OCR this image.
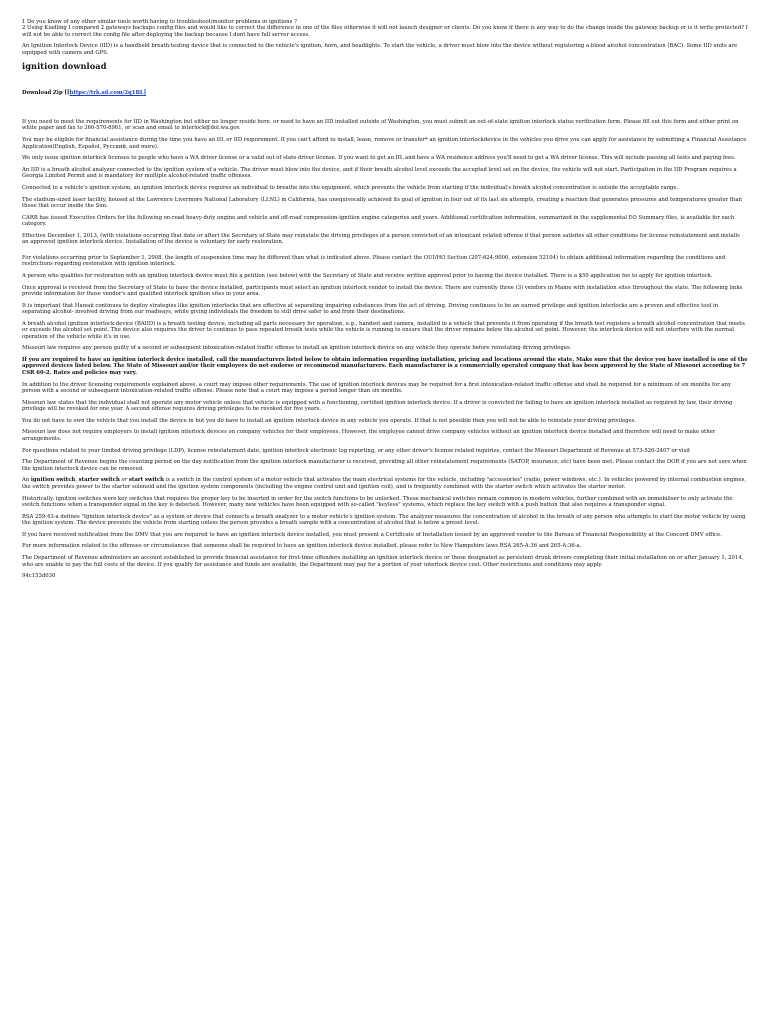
1 Do you know of any other similar tools worth having to troubleshoot/monitor problems in ignitions ?
2 Using Kiadling I compared 2 gateways backups config files and would like to correct the difference in one of the files otherwise it will not launch designer or clients. Do you know if there is any way to do the change inside the gateway backup or is it write protected? I will not be able to correct the config file after deploying the backup because I dont have full server access.

An Ignition Interlock Device (IID) is a handheld breath-testing device that is connected to the vehicle's ignition, horn, and headlights. To start the vehicle, a driver must blow into the device without registering a blood alcohol concentration (BAC). Some IID units are equipped with camera and GPS.

ignition download
Download Zip [[https://trk.sd.com/2q1BL]

If you need to meet the requirements for IID in Washington but either no longer reside here, or need to have an IID installed outside of Washington, you must submit an out-of-state ignition interlock status verification form. Please fill out this form and either print on white paper and fax to 360-570-8961, or scan and email to interlock@dol.wa.gov.

You may be eligible for financial assistance during the time you have an IIL or IID requirement. If you can't afford to install, lease, remove or transfer* an ignition interlockdevice in the vehicles you drive you can apply for assistance by submitting a Financial Assistance Application(English, Español, Русский, and more).

We only issue ignition interlock licenses to people who have a WA driver license or a valid out of state driver license. If you want to get an IIL and have a WA residence address you'll need to get a WA driver license. This will include passing all tests and paying fees.

An IID is a breath alcohol analyzer connected to the ignition system of a vehicle. The driver must blow into the device, and if their breath alcohol level exceeds the accepted level set on the device, the vehicle will not start. Participation in the IID Program requires a Georgia Limited Permit and is mandatory for multiple alcohol-related traffic offenses.

Connected to a vehicle's ignition system, an ignition interlock device requires an individual to breathe into the equipment, which prevents the vehicle from starting if the individual's breath alcohol concentration is outside the acceptable range.

The stadium-sized laser facility, housed at the Lawrence Livermore National Laboratory (LLNL) in California, has unequivocally achieved its goal of ignition in four out of its last six attempts, creating a reaction that generates pressures and temperatures greater than those that occur inside the Sun.

CARB has issued Executive Orders for the following on-road heavy-duty engine and vehicle and off-road compression-ignition engine categories and years. Additional certification information, summarized in the supplemental EO Summary files, is available for each category.

Effective December 1, 2013, (with violations occurring that date or after) the Secretary of State may reinstate the driving privileges of a person convicted of an intoxicant related offense if that person satisfies all other conditions for license reinstatement and installs an approved ignition interlock device. Installation of the device is voluntary for early restoration.

For violations occurring prior to September 1, 2008, the length of suspension time may be different than what is indicated above. Please contact the OUI/HO Section (207-624-9000, extension 52104) to obtain additional information regarding the conditions and restrictions regarding restoration with ignition interlock.

A person who qualifies for restoration with an ignition interlock device must file a petition (see below) with the Secretary of State and receive written approval prior to having the device installed. There is a $50 application fee to apply for ignition interlock.

Once approval is received from the Secretary of State to have the device installed, participants must select an ignition interlock vendor to install the device. There are currently three (3) vendors in Maine with installation sites throughout the state. The following links provide information for those vendor's and qualified interlock ignition sites in your area.

It is important that Hawaii continues to deploy strategies like ignition interlocks that are effective at separating impairing substances from the act of driving. Driving continues to be an earned privilege and ignition interlocks are a proven and effective tool in separating alcohol- involved driving from our roadways, while giving individuals the freedom to still drive safer to and from their destinations.

A breath alcohol ignition interlock device (BAIID) is a breath testing device, including all parts necessary for operation, e.g., handset and camera, installed in a vehicle that prevents it from operating if the breath test registers a breath alcohol concentration that meets or exceeds the alcohol set point. The device also requires the driver to continue to pass repeated breath tests while the vehicle is running to ensure that the driver remains below the alcohol set point. However, the interlock device will not interfere with the normal operation of the vehicle while it's in use.

Missouri law requires any person guilty of a second or subsequent intoxication-related traffic offense to install an ignition interlock device on any vehicle they operate before reinstating driving privileges.

If you are required to have an ignition interlock device installed, call the manufacturers listed below to obtain information regarding installation, pricing and locations around the state. Make sure that the device you have installed is one of the approved devices listed below. The State of Missouri and/or their employees do not endorse or recommend manufacturers. Each manufacturer is a commercially operated company that has been approved by the State of Missouri according to 7 CSR 60-2. Rates and policies may vary.

In addition to the driver licensing requirements explained above, a court may impose other requirements. The use of ignition interlock devices may be required for a first intoxication-related traffic offense and shall be required for a minimum of six months for any person with a second or subsequent intoxication-related traffic offense. Please note that a court may impose a period longer than six months.

Missouri law states that the individual shall not operate any motor vehicle unless that vehicle is equipped with a functioning, certified ignition interlock device. If a driver is convicted for failing to have an ignition interlock installed as required by law, their driving privilege will be revoked for one year. A second offense requires driving privileges to be revoked for five years.

You do not have to own the vehicle that you install the device in but you do have to install an ignition interlock device in any vehicle you operate. If that is not possible then you will not be able to reinstate your driving privileges.

Missouri law does not require employers to install ignition interlock devices on company vehicles for their employees. However, the employee cannot drive company vehicles without an ignition interlock device installed and therefore will need to make other arrangements.

For questions related to your limited driving privilege (LDP), license reinstatement date, ignition interlock electronic log reporting, or any other driver's license related inquiries, contact the Missouri Department of Revenue at 573-526-2407 or visit

The Department of Revenue begins the counting period on the day notification from the ignition interlock manufacturer is received, providing all other reinstatement requirements (SATOP, insurance, etc) have been met. Please contact the DOR if you are not sure when the ignition interlock device can be removed.

An ignition switch, starter switch or start switch is a switch in the control system of a motor vehicle that activates the main electrical systems for the vehicle, including "accessories" (radio, power windows, etc.). In vehicles powered by internal combustion engines, the switch provides power to the starter solenoid and the ignition system components (including the engine control unit and ignition coil), and is frequently combined with the starter switch which activates the starter motor.

Historically, ignition switches were key switches that requires the proper key to be inserted in order for the switch functions to be unlocked. These mechanical switches remain common in modern vehicles, further combined with an immobiliser to only activate the switch functions when a transponder signal in the key is detected. However, many new vehicles have been equipped with so-called "keyless" systems, which replace the key switch with a push button that also requires a transponder signal.

RSA 259:43-a defines "Ignition interlock device" as a system or device that connects a breath analyzer to a motor vehicle's ignition system. The analyzer measures the concentration of alcohol in the breath of any person who attempts to start the motor vehicle by using the ignition system. The device prevents the vehicle from starting unless the person provides a breath sample with a concentration of alcohol that is below a preset level.

If you have received notification from the DMV that you are required to have an ignition interlock device installed, you must present a Certificate of Installation issued by an approved vendor to the Bureau of Financial Responsibility at the Concord DMV office.

For more information related to the offenses or circumstances that someone shall be required to have an ignition interlock device installed, please refer to New Hampshire laws RSA 265-A:36 and 265-A:36-a.

The Department of Revenue administers an account established to provide financial assistance for first-time offenders installing an ignition interlock device or those designated as persistent drunk drivers completing their initial installation on or after January 1, 2014, who are unable to pay the full costs of the device. If you qualify for assistance and funds are available, the Department may pay for a portion of your interlock device cost. Other restrictions and conditions may apply.

94c153d030
